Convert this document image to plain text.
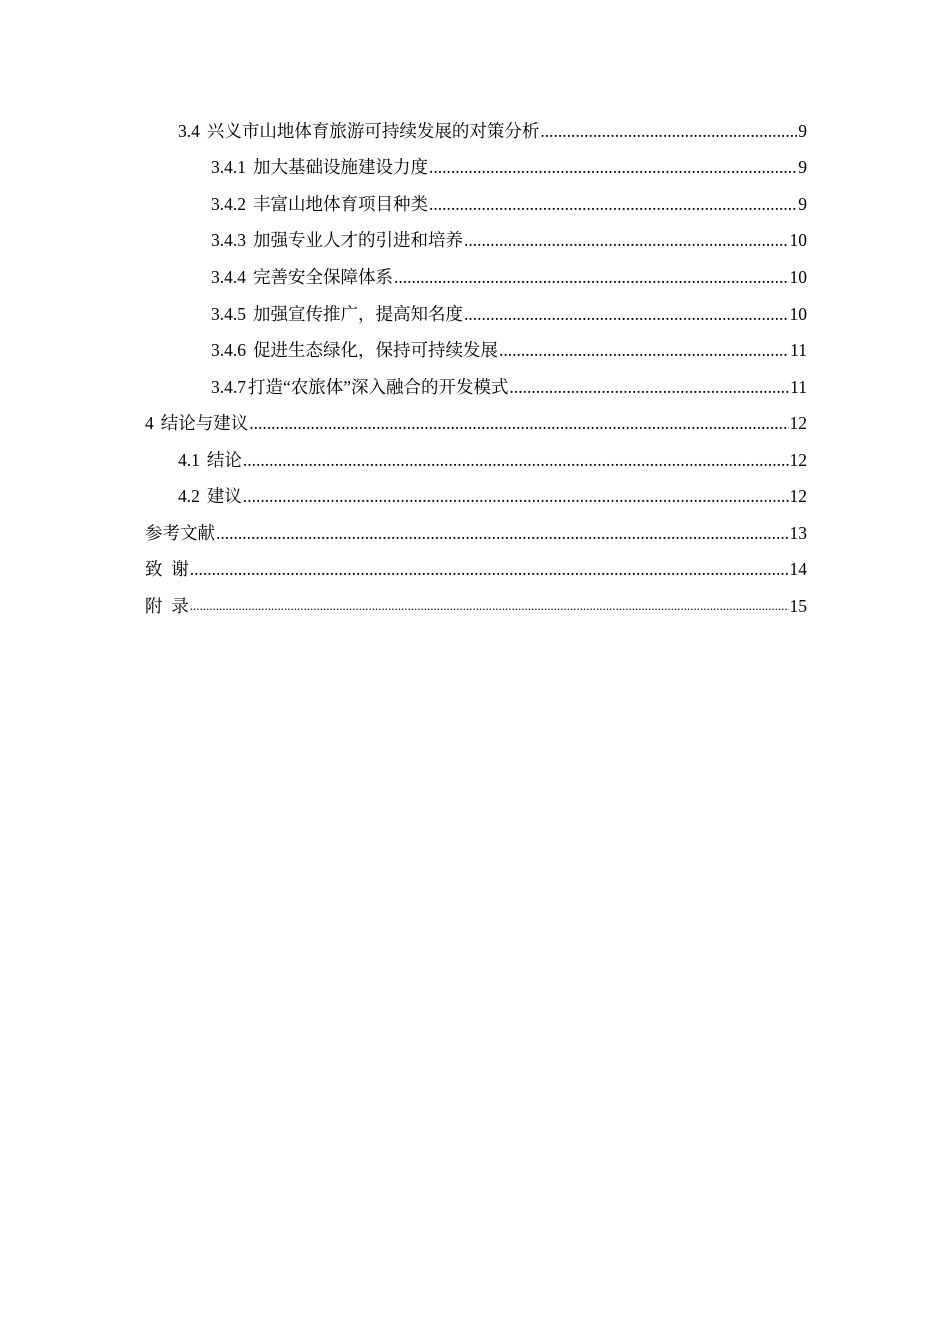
3.4 兴义市山地体育旅游可持续发展的对策分析 .....	9
3.4.1 加大基础设施建设力度 .....	9
3.4.2 丰富山地体育项目种类 .....	9
3.4.3 加强专业人才的引进和培养 .....	10
3.4.4 完善安全保障体系 .....	10
3.4.5 加强宣传推广，提高知名度 .....	10
3.4.6 促进生态绿化，保持可持续发展 .....	11
3.4.7 打造“农旅体”深入融合的开发模式 .....	11
4 结论与建议 .....	12
4.1 结论 .....	12
4.2 建议 .....	12
参考文献 .....	13
致  谢 .....	14
附  录 .....	15
